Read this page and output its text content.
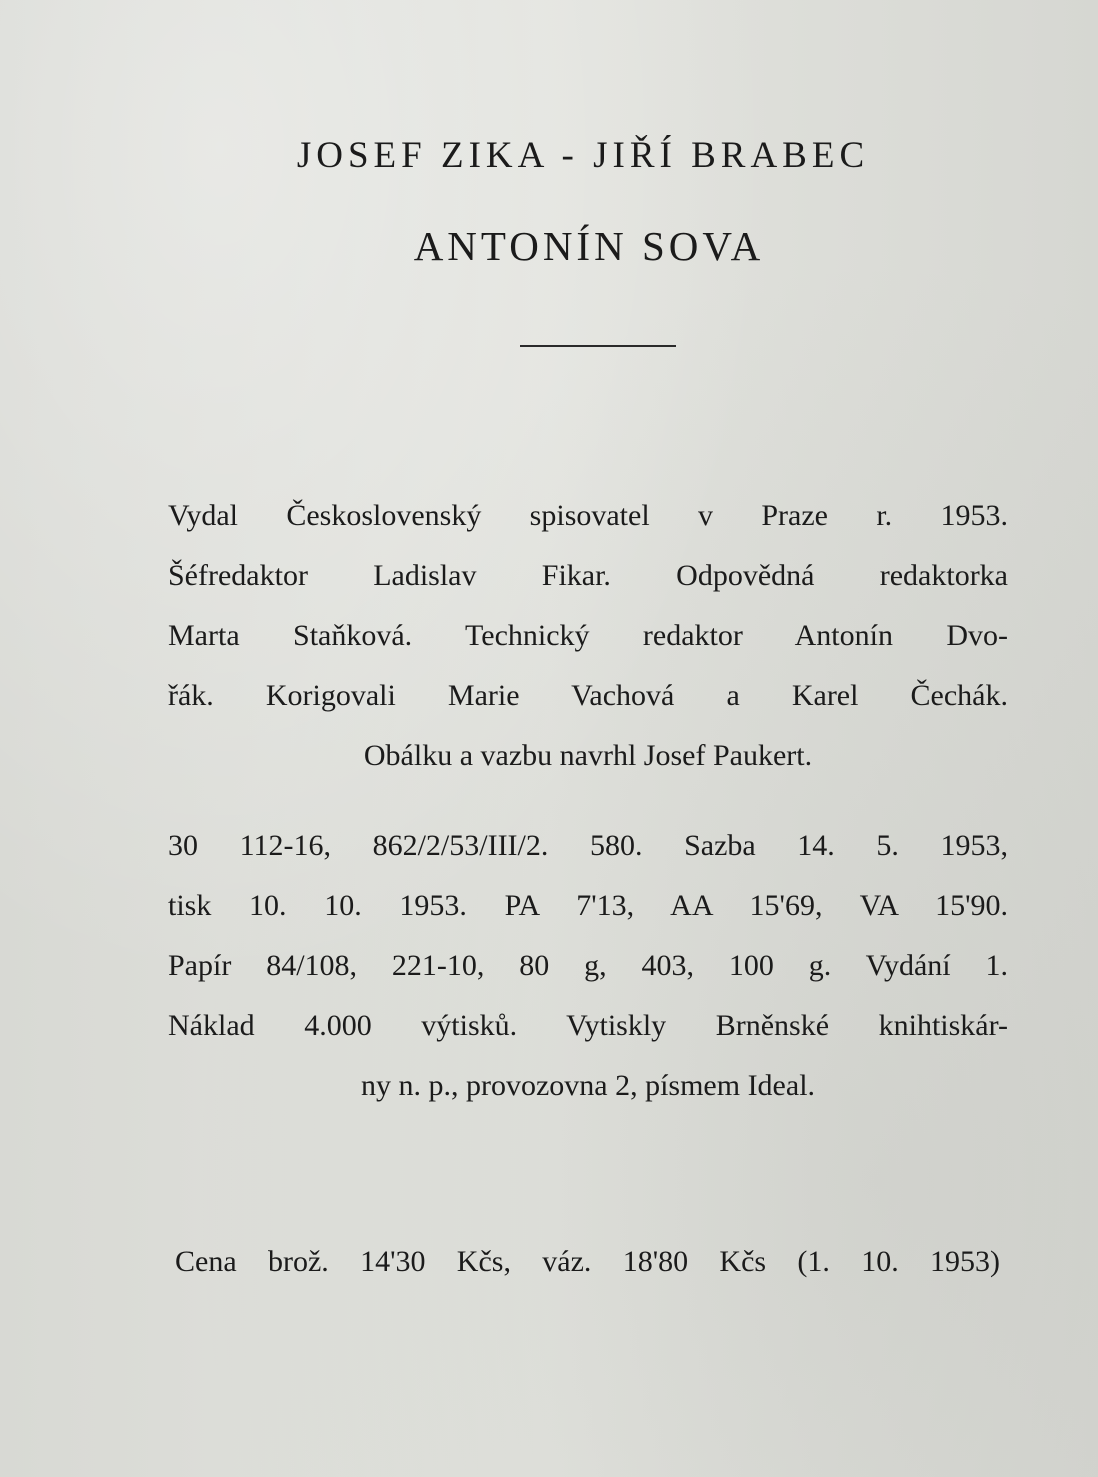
JOSEF ZIKA - JIŘÍ BRABEC
ANTONÍN SOVA
Vydal Československý spisovatel v Praze r. 1953.
Šéfredaktor Ladislav Fikar. Odpovědná redaktorka
Marta Staňková. Technický redaktor Antonín Dvo-
řák. Korigovali Marie Vachová a Karel Čechák.
Obálku a vazbu navrhl Josef Paukert.
30 112-16, 862/2/53/III/2. 580. Sazba 14. 5. 1953,
tisk 10. 10. 1953. PA 7'13, AA 15'69, VA 15'90.
Papír 84/108, 221-10, 80 g, 403, 100 g. Vydání 1.
Náklad 4.000 výtisků. Vytiskly Brněnské knihtiskár-
ny n. p., provozovna 2, písmem Ideal.
Cena brož. 14'30 Kčs, váz. 18'80 Kčs (1. 10. 1953)
